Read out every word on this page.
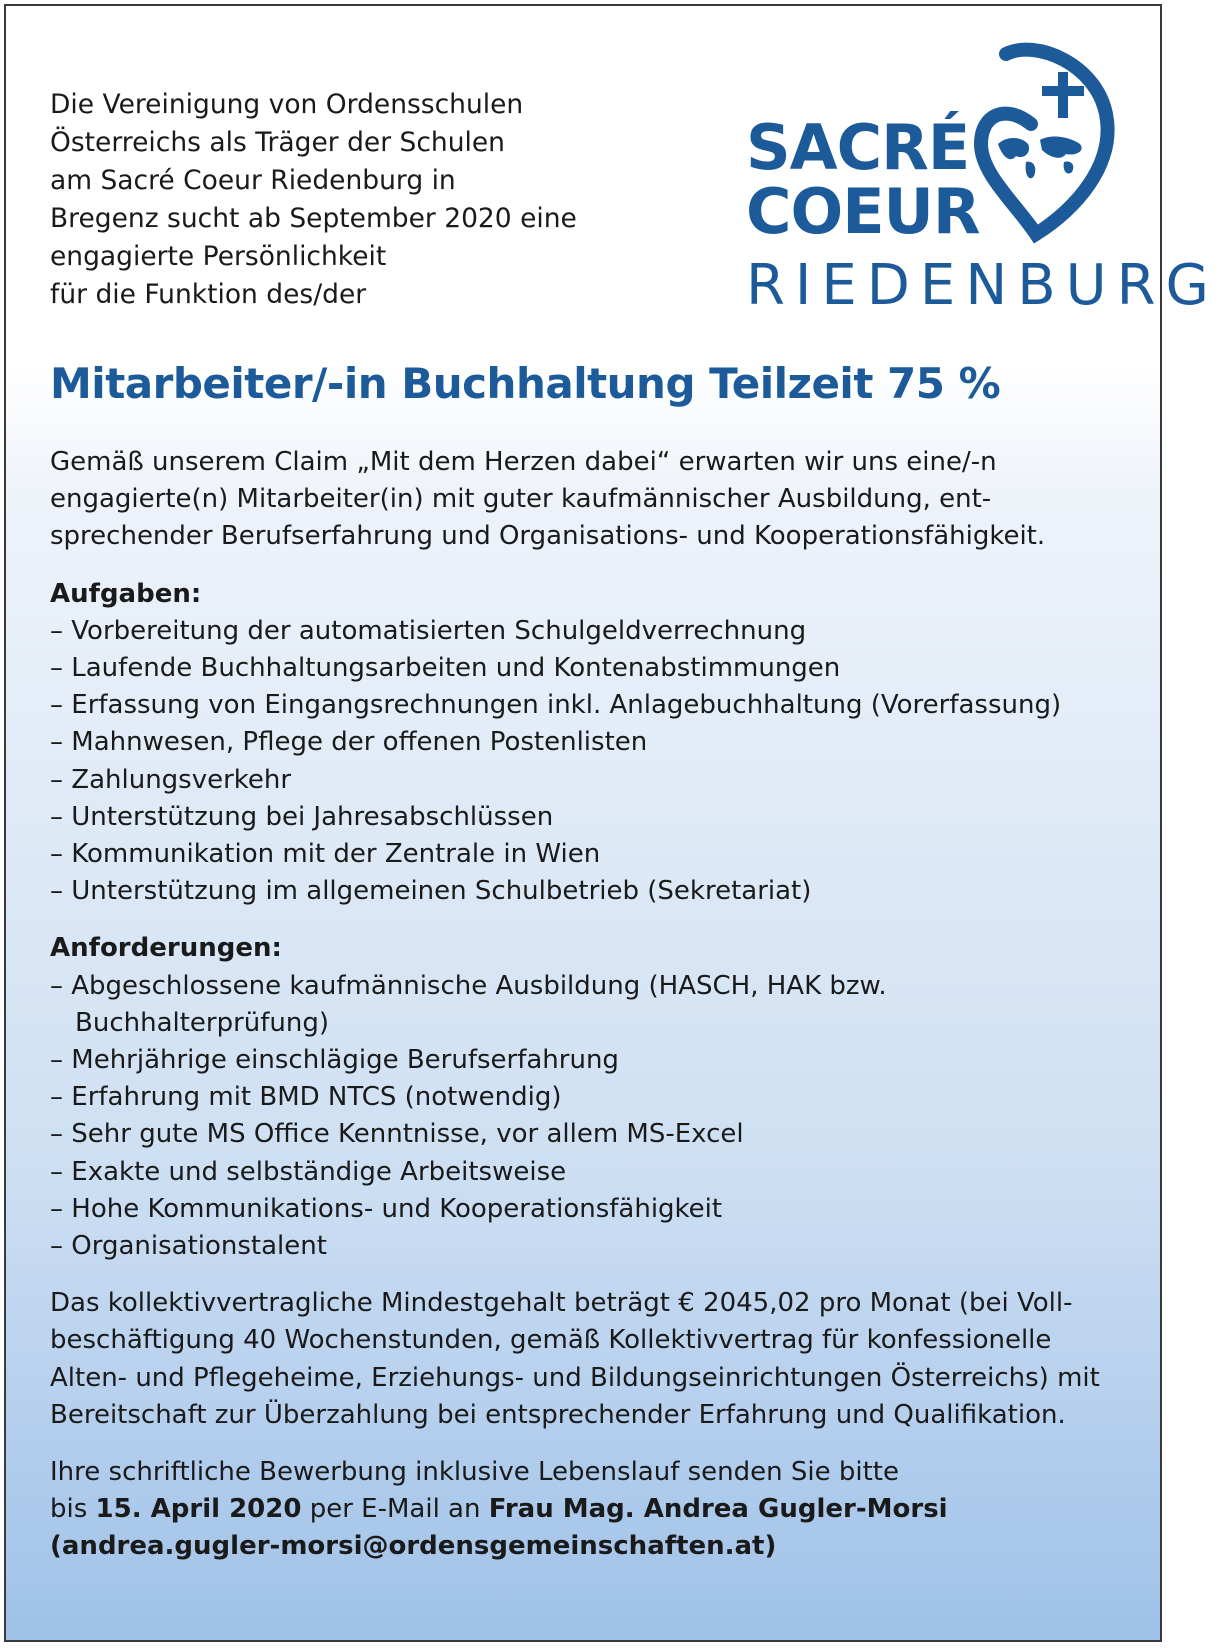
Die Vereinigung von Ordensschulen
Österreichs als Träger der Schulen
am Sacré Coeur Riedenburg in
Bregenz sucht ab September 2020 eine
engagierte Persönlichkeit
für die Funktion des/der
SACRÉ
COEUR
RIEDENBURG
Mitarbeiter/-in Buchhaltung Teilzeit 75 %

Gemäß unserem Claim „Mit dem Herzen dabei“ erwarten wir uns eine/-n
engagierte(n) Mitarbeiter(in) mit guter kaufmännischer Ausbildung, ent-
sprechender Berufserfahrung und Organisations- und Kooperationsfähigkeit.

Aufgaben:
– Vorbereitung der automatisierten Schulgeldverrechnung
– Laufende Buchhaltungsarbeiten und Kontenabstimmungen
– Erfassung von Eingangsrechnungen inkl. Anlagebuchhaltung (Vorerfassung)
– Mahnwesen, Pflege der offenen Postenlisten
– Zahlungsverkehr
– Unterstützung bei Jahresabschlüssen
– Kommunikation mit der Zentrale in Wien
– Unterstützung im allgemeinen Schulbetrieb (Sekretariat)
Anforderungen:
– Abgeschlossene kaufmännische Ausbildung (HASCH, HAK bzw.
Buchhalterprüfung)
– Mehrjährige einschlägige Berufserfahrung
– Erfahrung mit BMD NTCS (notwendig)
– Sehr gute MS Office Kenntnisse, vor allem MS-Excel
– Exakte und selbständige Arbeitsweise
– Hohe Kommunikations- und Kooperationsfähigkeit
– Organisationstalent

Das kollektivvertragliche Mindestgehalt beträgt € 2045,02 pro Monat (bei Voll-
beschäftigung 40 Wochenstunden, gemäß Kollektivvertrag für konfessionelle
Alten- und Pflegeheime, Erziehungs- und Bildungseinrichtungen Österreichs) mit
Bereitschaft zur Überzahlung bei entsprechender Erfahrung und Qualifikation.

Ihre schriftliche Bewerbung inklusive Lebenslauf senden Sie bitte
bis 15. April 2020 per E-Mail an Frau Mag. Andrea Gugler-Morsi
(andrea.gugler-morsi@ordensgemeinschaften.at)
